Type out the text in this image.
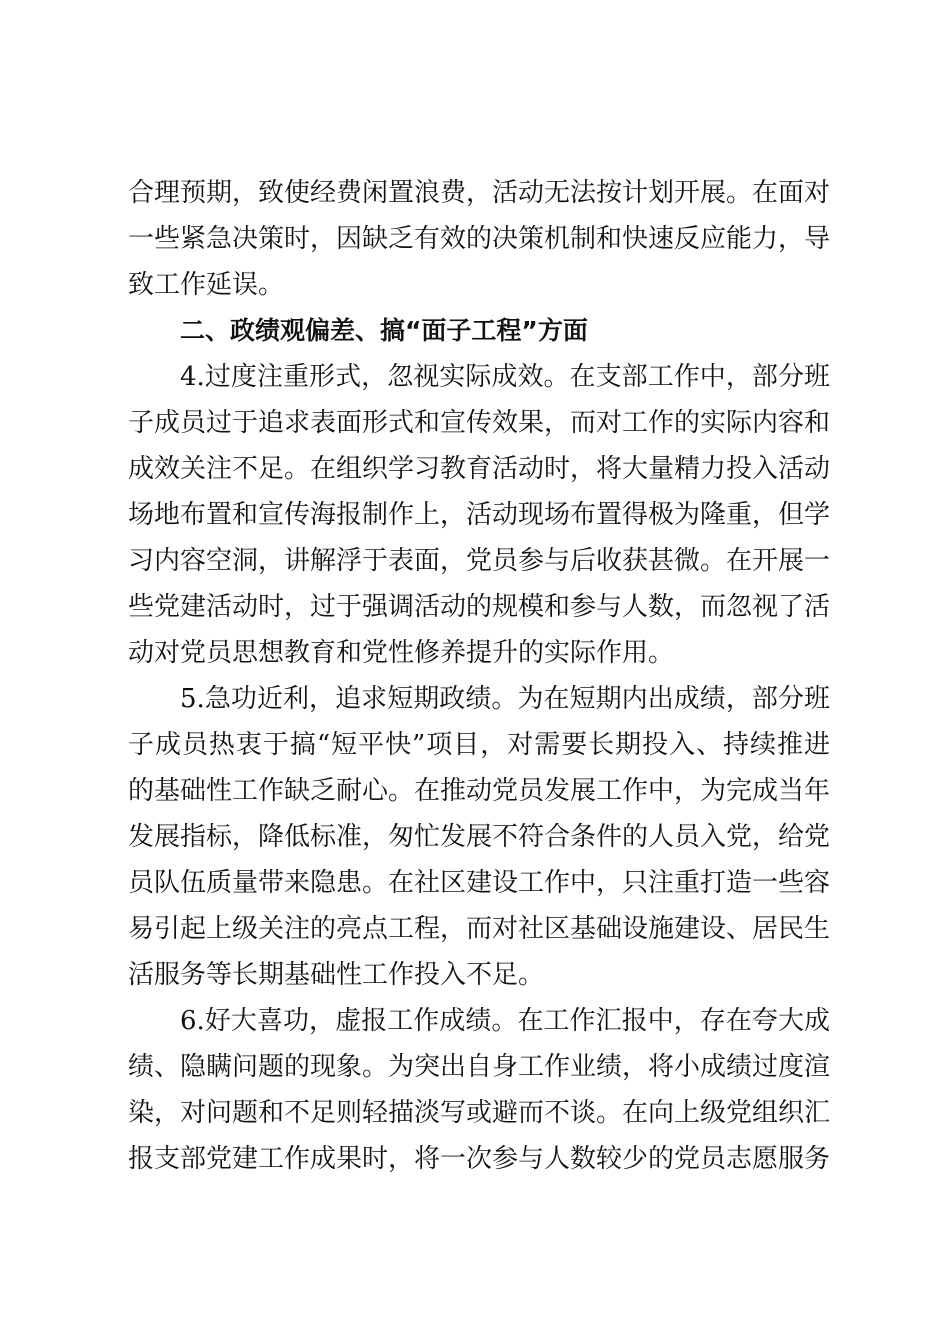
合理预期，致使经费闲置浪费，活动无法按计划开展。在面对一些紧急决策时，因缺乏有效的决策机制和快速反应能力，导致工作延误。

二、政绩观偏差、搞“面子工程”方面

4.过度注重形式，忽视实际成效。在支部工作中，部分班子成员过于追求表面形式和宣传效果，而对工作的实际内容和成效关注不足。在组织学习教育活动时，将大量精力投入活动场地布置和宣传海报制作上，活动现场布置得极为隆重，但学习内容空洞，讲解浮于表面，党员参与后收获甚微。在开展一些党建活动时，过于强调活动的规模和参与人数，而忽视了活动对党员思想教育和党性修养提升的实际作用。

5.急功近利，追求短期政绩。为在短期内出成绩，部分班子成员热衷于搞“短平快”项目，对需要长期投入、持续推进的基础性工作缺乏耐心。在推动党员发展工作中，为完成当年发展指标，降低标准，匆忙发展不符合条件的人员入党，给党员队伍质量带来隐患。在社区建设工作中，只注重打造一些容易引起上级关注的亮点工程，而对社区基础设施建设、居民生活服务等长期基础性工作投入不足。

6.好大喜功，虚报工作成绩。在工作汇报中，存在夸大成绩、隐瞒问题的现象。为突出自身工作业绩，将小成绩过度渲染，对问题和不足则轻描淡写或避而不谈。在向上级党组织汇报支部党建工作成果时，将一次参与人数较少的党员志愿服务
